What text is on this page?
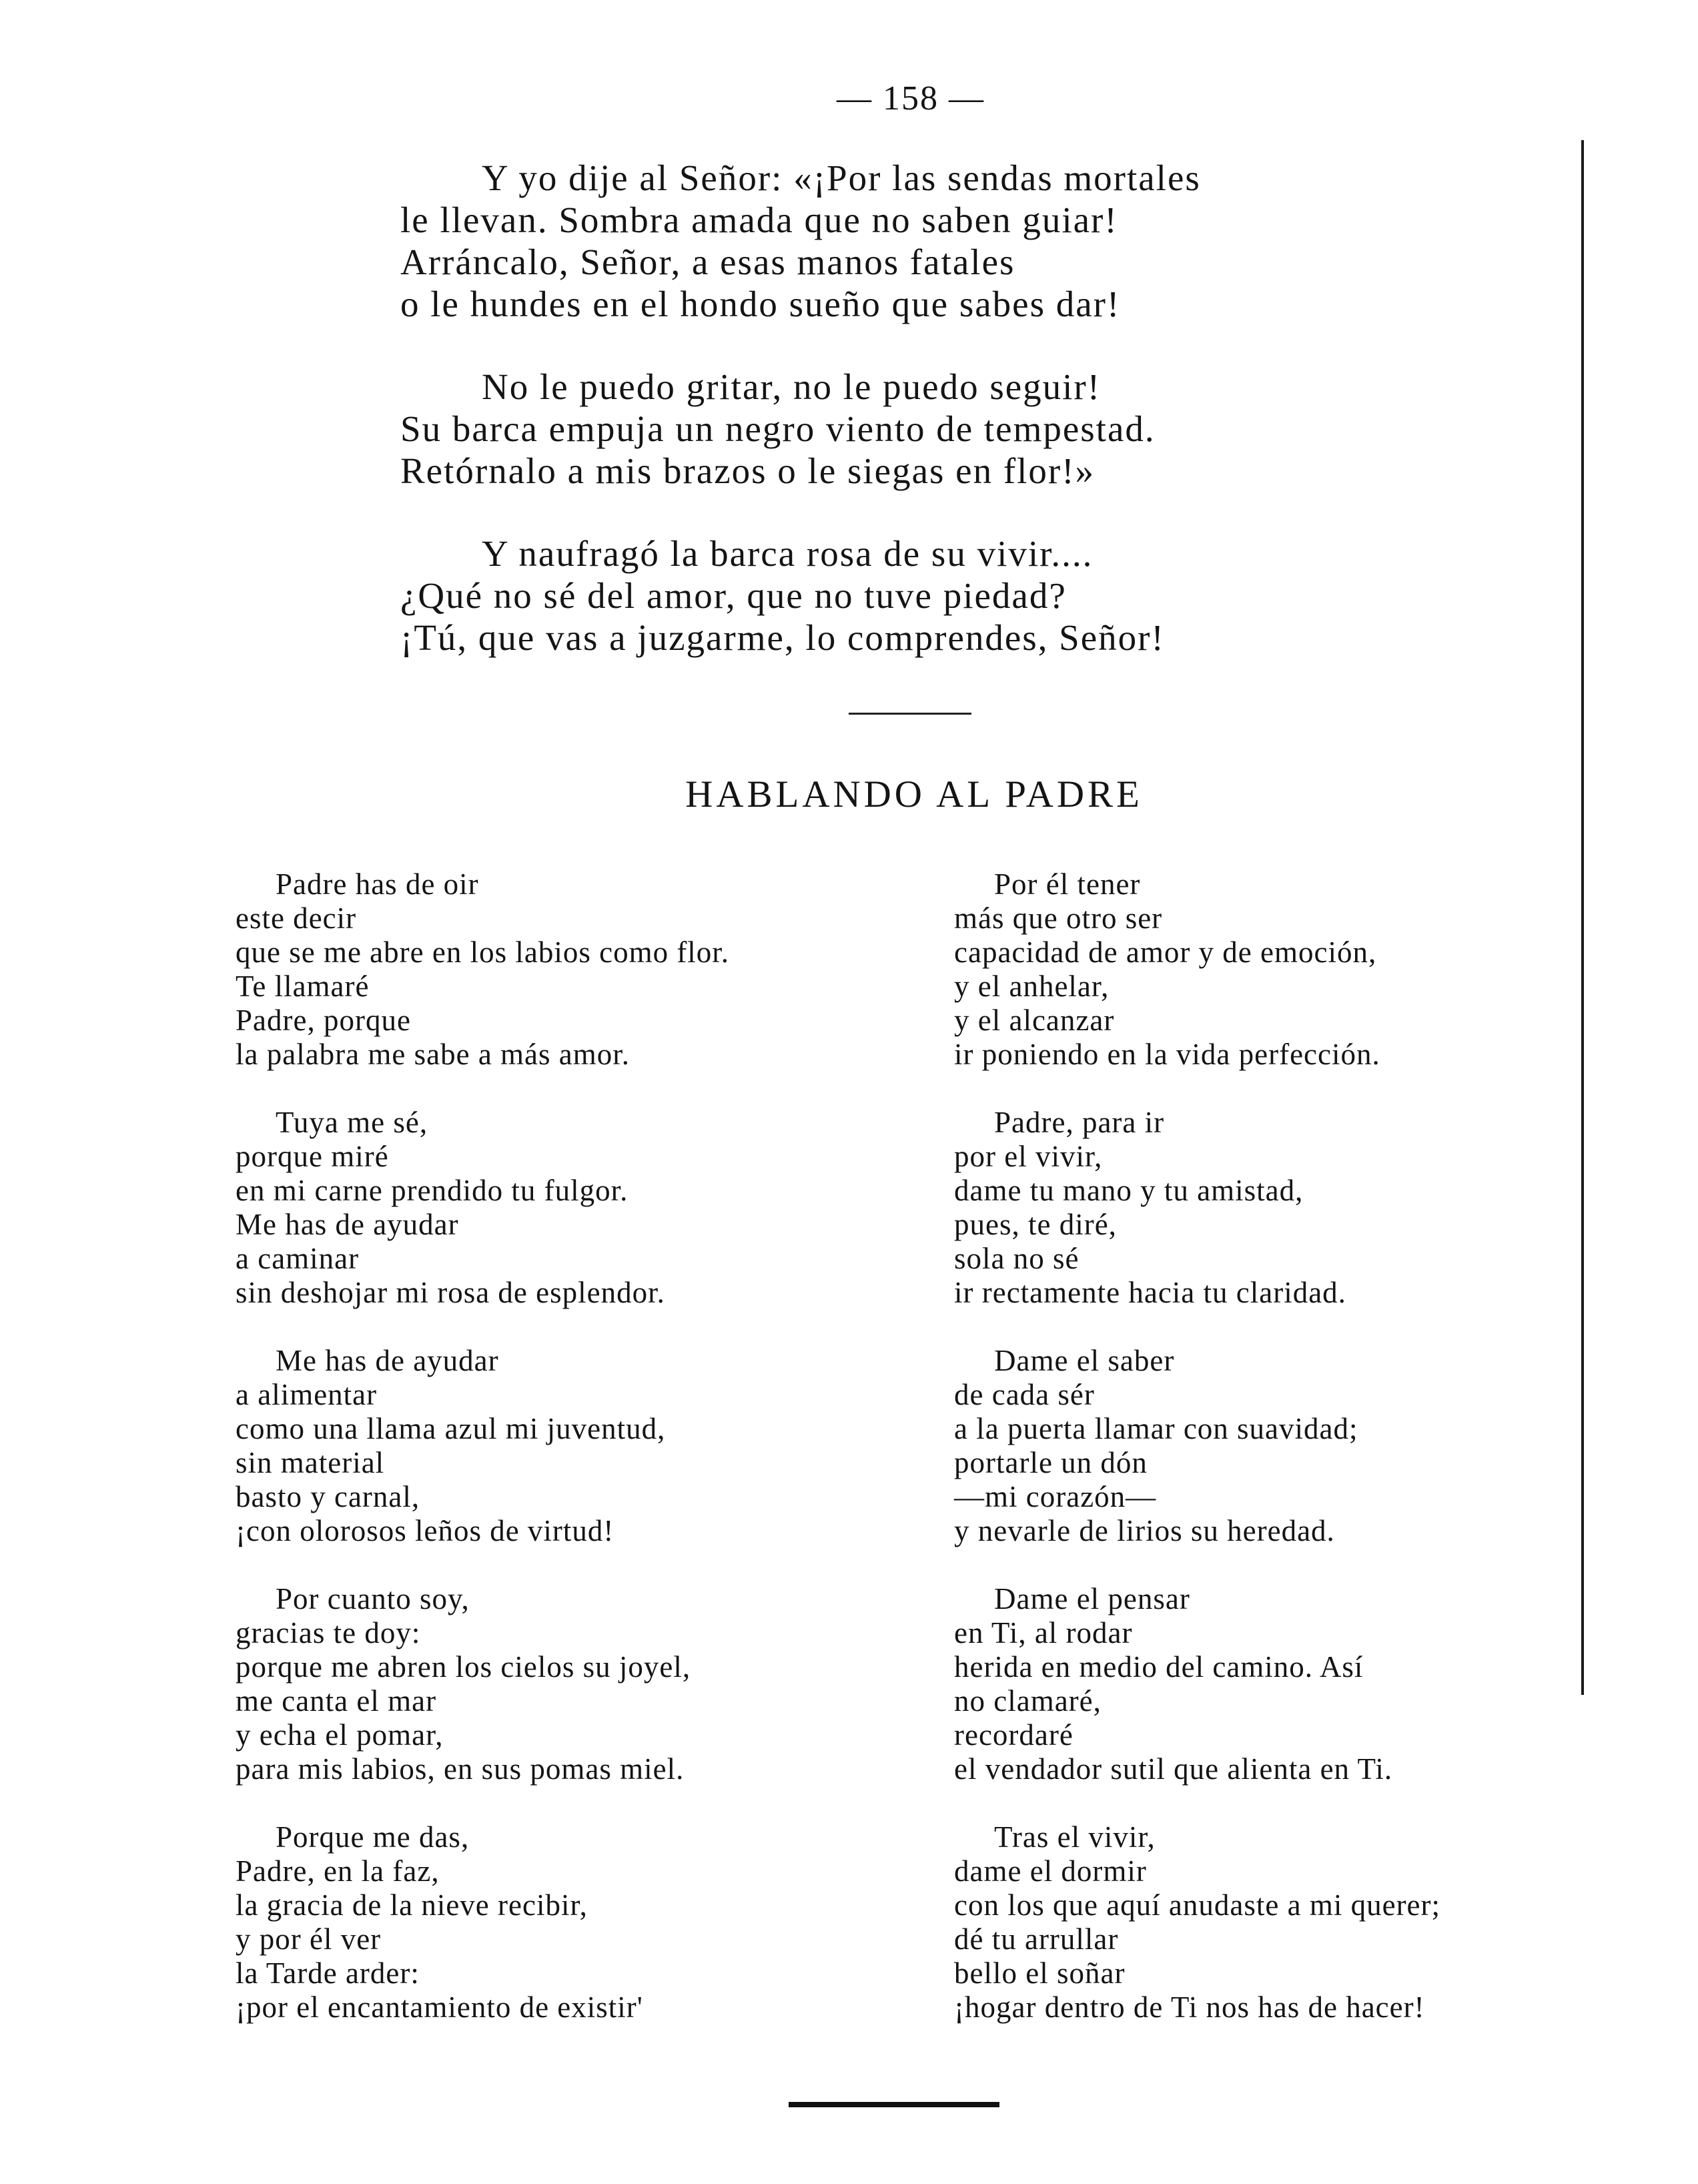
— 158 —
Y yo dije al Señor: «¡Por las sendas mortales
le llevan. Sombra amada que no saben guiar!
Arráncalo, Señor, a esas manos fatales
o le hundes en el hondo sueño que sabes dar!
No le puedo gritar, no le puedo seguir!
Su barca empuja un negro viento de tempestad.
Retórnalo a mis brazos o le siegas en flor!»
Y naufragó la barca rosa de su vivir....
¿Qué no sé del amor, que no tuve piedad?
¡Tú, que vas a juzgarme, lo comprendes, Señor!
HABLANDO AL PADRE
Padre has de oir
este decir
que se me abre en los labios como flor.
Te llamaré
Padre, porque
la palabra me sabe a más amor.
Tuya me sé,
porque miré
en mi carne prendido tu fulgor.
Me has de ayudar
a caminar
sin deshojar mi rosa de esplendor.
Me has de ayudar
a alimentar
como una llama azul mi juventud,
sin material
basto y carnal,
¡con olorosos leños de virtud!
Por cuanto soy,
gracias te doy:
porque me abren los cielos su joyel,
me canta el mar
y echa el pomar,
para mis labios, en sus pomas miel.
Porque me das,
Padre, en la faz,
la gracia de la nieve recibir,
y por él ver
la Tarde arder:
¡por el encantamiento de existir'
Por él tener
más que otro ser
capacidad de amor y de emoción,
y el anhelar,
y el alcanzar
ir poniendo en la vida perfección.
Padre, para ir
por el vivir,
dame tu mano y tu amistad,
pues, te diré,
sola no sé
ir rectamente hacia tu claridad.
Dame el saber
de cada sér
a la puerta llamar con suavidad;
portarle un dón
—mi corazón—
y nevarle de lirios su heredad.
Dame el pensar
en Ti, al rodar
herida en medio del camino. Así
no clamaré,
recordaré
el vendador sutil que alienta en Ti.
Tras el vivir,
dame el dormir
con los que aquí anudaste a mi querer;
dé tu arrullar
bello el soñar
¡hogar dentro de Ti nos has de hacer!
